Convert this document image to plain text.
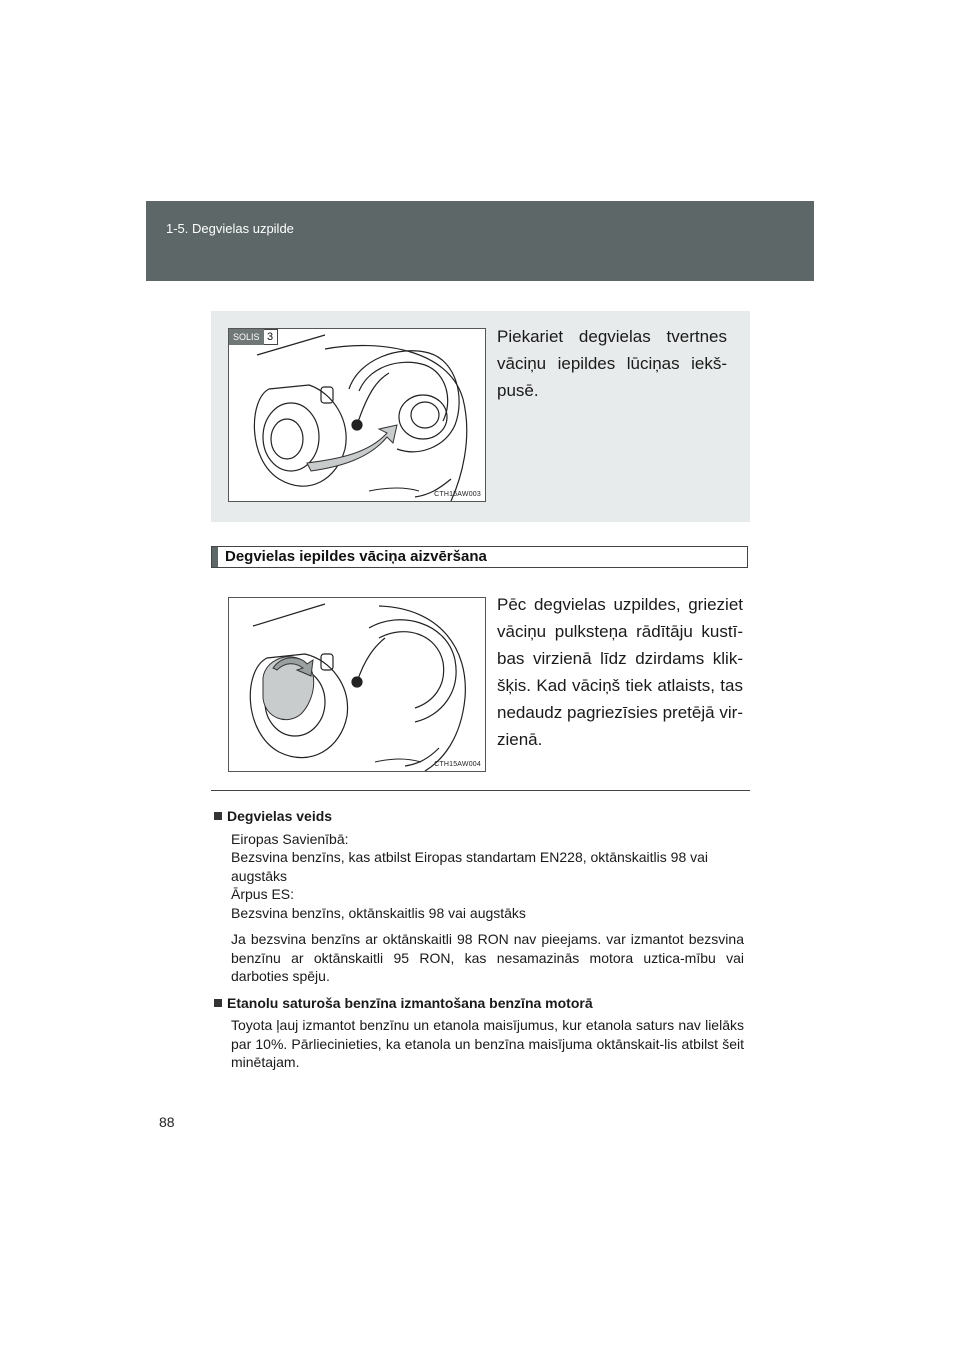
1-5. Degvielas uzpilde
SOLIS 3
CTH15AW003
Piekariet degvielas tvertnes vāciņu iepildes lūciņas iekš-pusē.
Degvielas iepildes vāciņa aizvēršana
CTH15AW004
Pēc degvielas uzpildes, grieziet vāciņu pulksteņa rādītāju kustī-bas virzienā līdz dzirdams klik-šķis. Kad vāciņš tiek atlaists, tas nedaudz pagriezīsies pretējā vir-zienā.
Degvielas veids

Eiropas Savienībā:
Bezsvina benzīns, kas atbilst Eiropas standartam EN228, oktānskaitlis 98 vai augstāks
Ārpus ES:
Bezsvina benzīns, oktānskaitlis 98 vai augstāks

Ja bezsvina benzīns ar oktānskaitli 98 RON nav pieejams. var izmantot bezsvina benzīnu ar oktānskaitli 95 RON, kas nesamazinās motora uztica-mību vai darboties spēju.

Etanolu saturoša benzīna izmantošana benzīna motorā

Toyota ļauj izmantot benzīnu un etanola maisījumus, kur etanola saturs nav lielāks par 10%. Pārliecinieties, ka etanola un benzīna maisījuma oktānskait-lis atbilst šeit minētajam.

88
